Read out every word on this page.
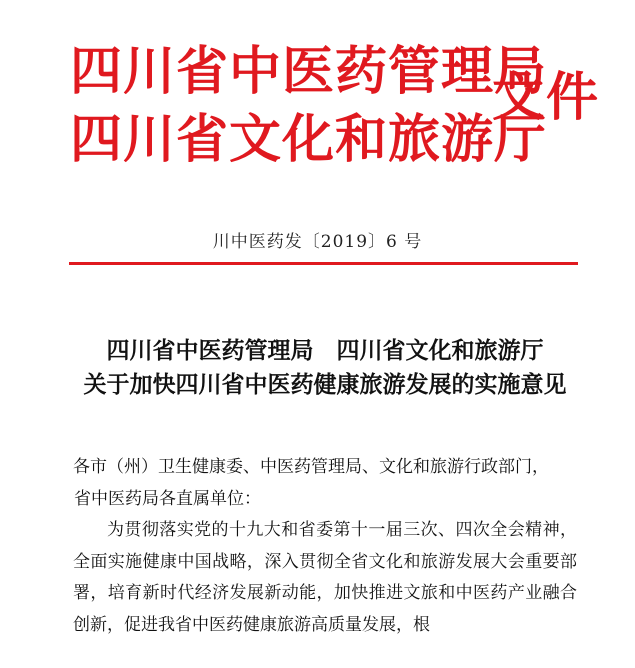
四川省中医药管理局
四川省文化和旅游厅
文件
川中医药发〔2019〕6 号
四川省中医药管理局　四川省文化和旅游厅
关于加快四川省中医药健康旅游发展的实施意见

各市（州）卫生健康委、中医药管理局、文化和旅游行政部门，

省中医药局各直属单位：

为贯彻落实党的十九大和省委第十一届三次、四次全会精神，全面实施健康中国战略，深入贯彻全省文化和旅游发展大会重要部署，培育新时代经济发展新动能，加快推进文旅和中医药产业融合创新，促进我省中医药健康旅游高质量发展，根
